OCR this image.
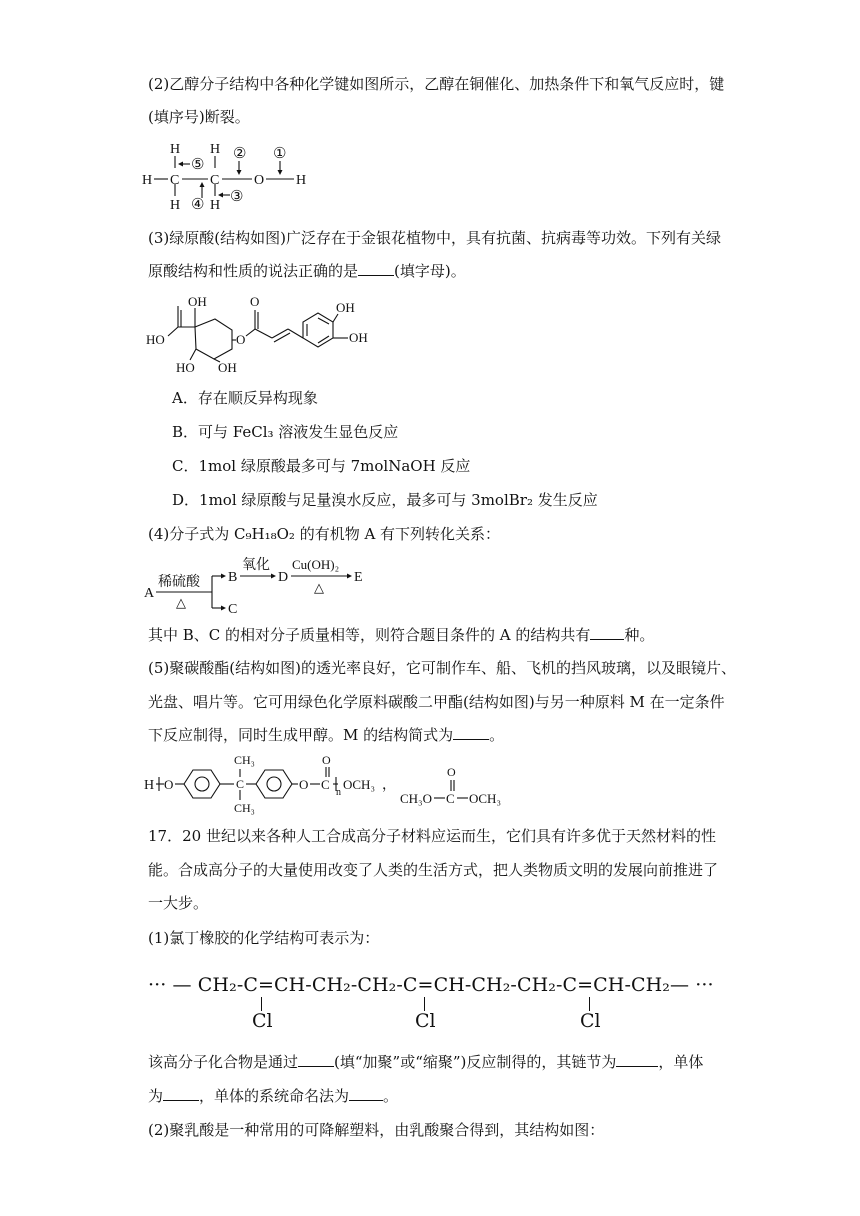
(2)乙醇分子结构中各种化学键如图所示，乙醇在铜催化、加热条件下和氧气反应时，键
(填序号)断裂。
H H
H C C O H
H H
⑤
② ①
③
④
(3)绿原酸(结构如图)广泛存在于金银花植物中，具有抗菌、抗病毒等功效。下列有关绿
原酸结构和性质的说法正确的是 (填字母)。
HO
OH
HO OH
O
O	OH
OH
A．存在顺反异构现象
B．可与 FeCl₃ 溶液发生显色反应
C．1mol 绿原酸最多可与 7molNaOH 反应
D．1mol 绿原酸与足量溴水反应，最多可与 3molBr₂ 发生反应
(4)分子式为 C₉H₁₈O₂ 的有机物 A 有下列转化关系：
A
稀硫酸
△
B
C
氧化
D
Cu(OH)₂
△
E
其中 B、C 的相对分子质量相等，则符合题目条件的 A 的结构共有 种。
(5)聚碳酸酯(结构如图)的透光率良好，它可制作车、船、飞机的挡风玻璃，以及眼镜片、
光盘、唱片等。它可用绿色化学原料碳酸二甲酯(结构如图)与另一种原料 M 在一定条件
下反应制得，同时生成甲醇。M 的结构简式为 。
H O	C
CH₃
CH₃
O C
O
n
OCH₃ ，
CH₃O C
O
OCH₃
17．20 世纪以来各种人工合成高分子材料应运而生，它们具有许多优于天然材料的性
能。合成高分子的大量使用改变了人类的生活方式，把人类物质文明的发展向前推进了
一大步。
(1)氯丁橡胶的化学结构可表示为：
··· — CH₂-C=CH-CH₂-CH₂-C=CH-CH₂-CH₂-C=CH-CH₂— ···
Cl	Cl	Cl
该高分子化合物是通过 (填“加聚”或“缩聚”)反应制得的，其链节为	，单体
为 ，单体的系统命名法为 。
(2)聚乳酸是一种常用的可降解塑料，由乳酸聚合得到，其结构如图：
